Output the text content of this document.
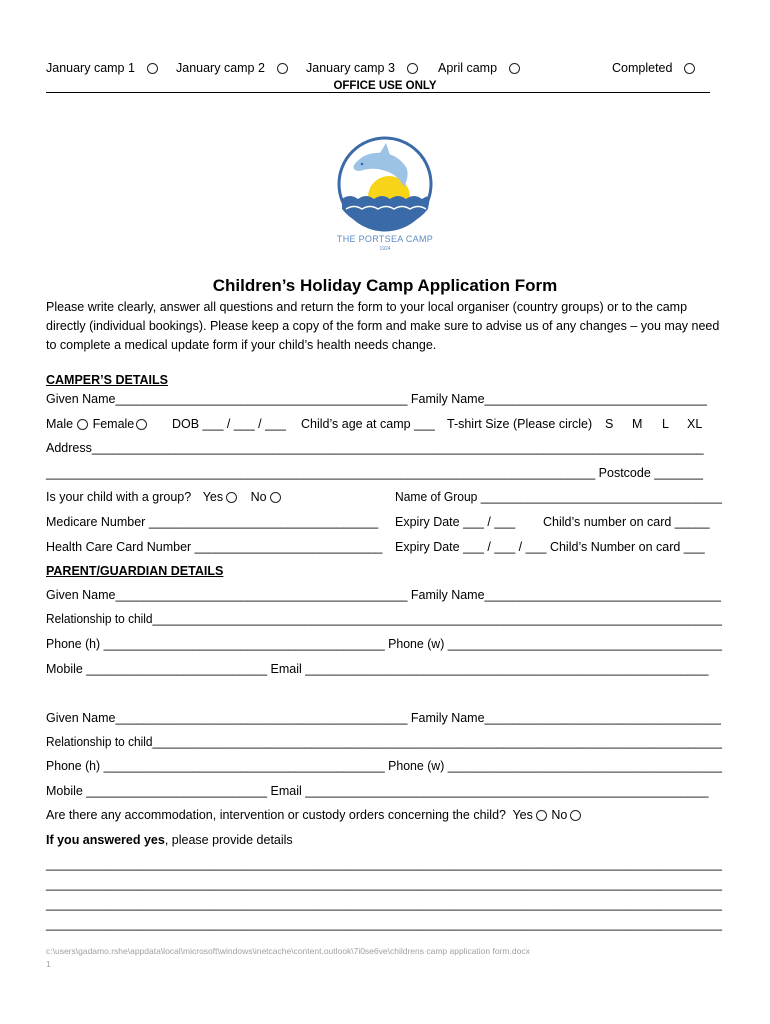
January camp 1	January camp 2	January camp 3	April camp	Completed
OFFICE USE ONLY
THE PORTSEA CAMP
1924
Children’s Holiday Camp Application Form
Please write clearly, answer all questions and return the form to your local organiser (country groups) or to the camp directly (individual bookings). Please keep a copy of the form and make sure to advise us of any changes – you may need to complete a medical update form if your child’s health needs change.
CAMPER’S DETAILS
Given Name__________________________________________ Family Name________________________________
Male Female	DOB ___ / ___ / ___ Child’s age at camp ___ T-shirt Size (Please circle) S M L XL
Address________________________________________________________________________________________
_______________________________________________________________________________ Postcode _______
Is your child with a group? Yes No	Name of Group ____________________________________
Medicare Number _________________________________ Expiry Date ___ / ___ Child’s number on card _____
Health Care Card Number ___________________________ Expiry Date ___ / ___ / ___ Child’s Number on card ___
PARENT/GUARDIAN DETAILS
Given Name__________________________________________ Family Name__________________________________
Relationship to child______________________________________________________________________________________
Phone (h) _________________________________________ Phone (w) ________________________________________
Mobile __________________________ Email __________________________________________________________
Given Name__________________________________________ Family Name__________________________________
Relationship to child______________________________________________________________________________________
Phone (h) _________________________________________ Phone (w) ________________________________________
Mobile __________________________ Email __________________________________________________________
Are there any accommodation, intervention or custody orders concerning the child? Yes No
If you answered yes, please provide details
________________________________________________________________________________________________________
________________________________________________________________________________________________________
________________________________________________________________________________________________________
________________________________________________________________________________________________________
c:\users\gadamo.rshe\appdata\local\microsoft\windows\inetcache\content.outlook\7i0se6ve\childrens camp application form.docx
1
